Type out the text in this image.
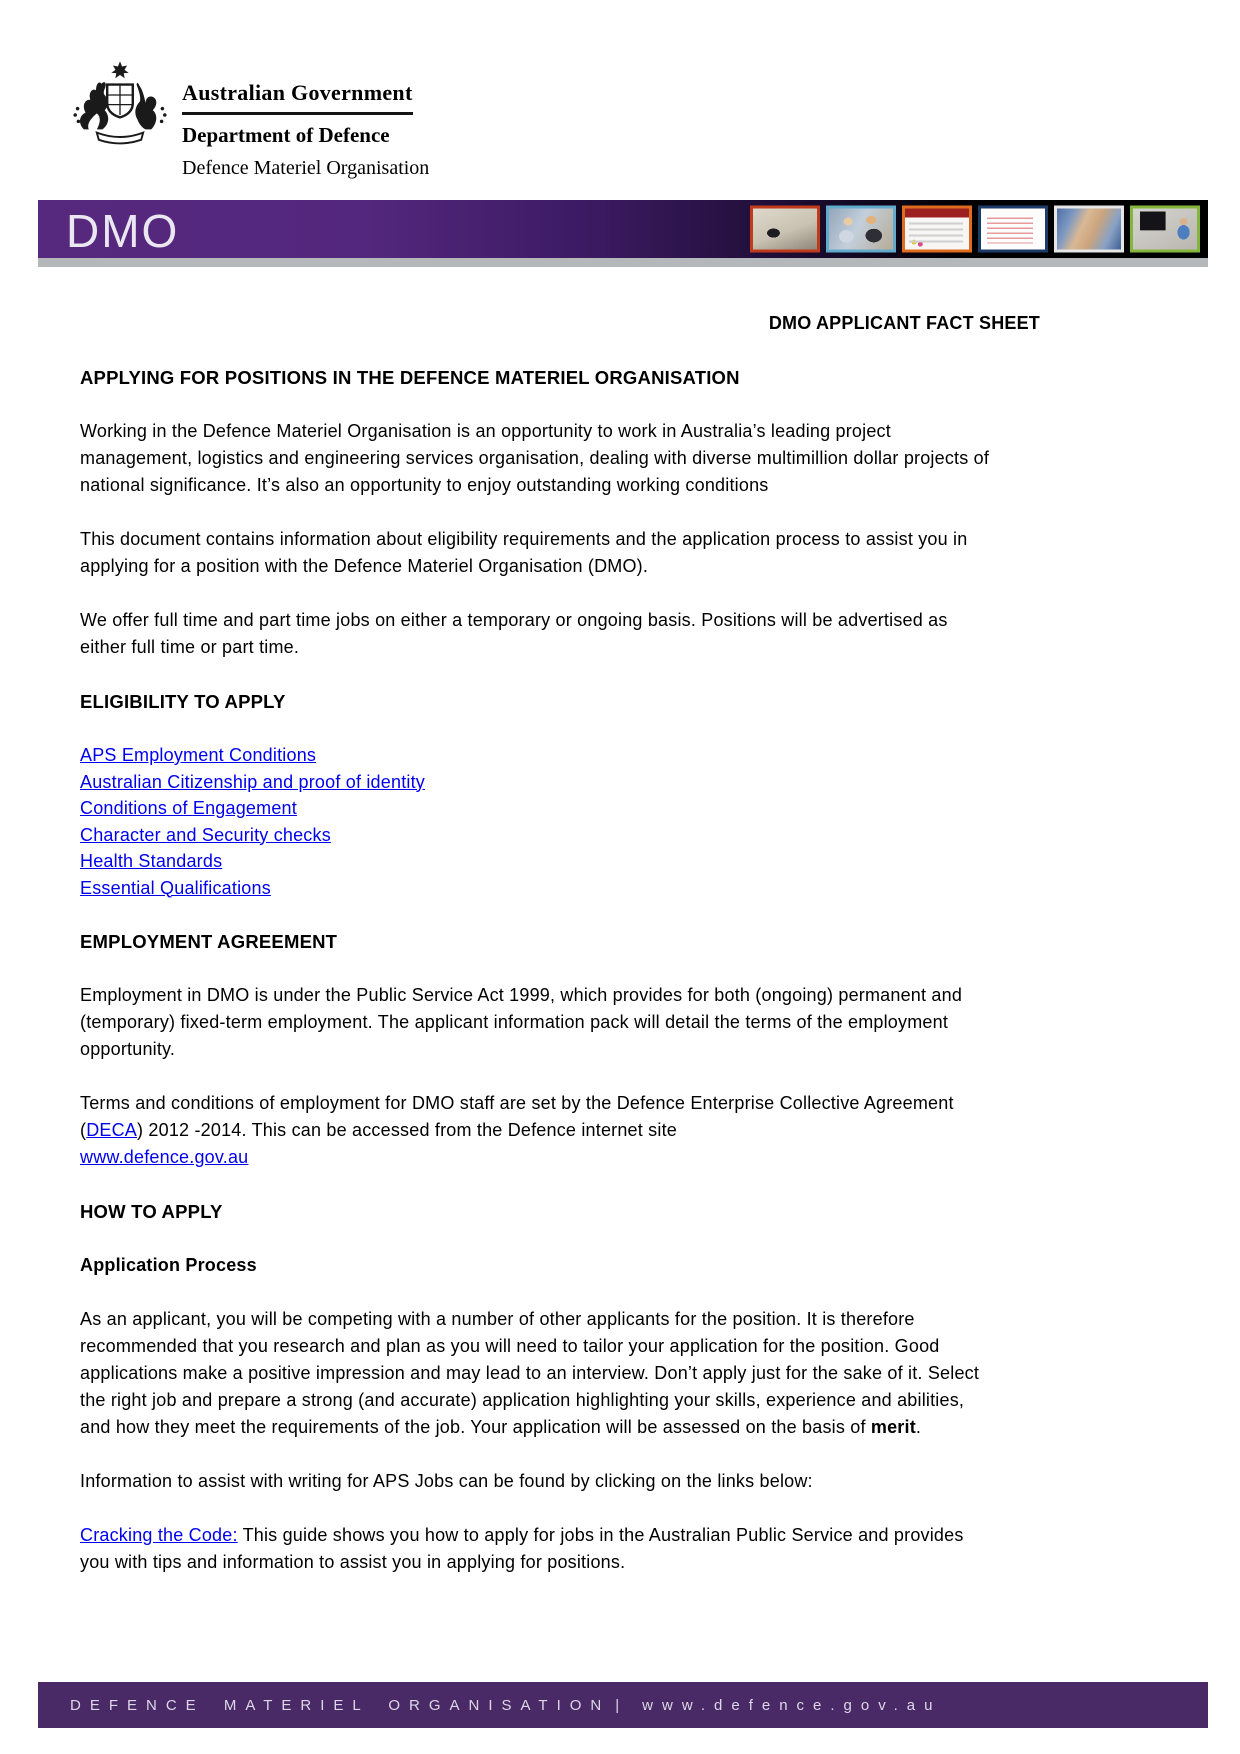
Australian Government
Department of Defence
Defence Materiel Organisation
DMO
DMO APPLICANT FACT SHEET
APPLYING FOR POSITIONS IN THE DEFENCE MATERIEL ORGANISATION
Working in the Defence Materiel Organisation is an opportunity to work in Australia’s leading project management, logistics and engineering services organisation, dealing with diverse multimillion dollar projects of national significance. It’s also an opportunity to enjoy outstanding working conditions
This document contains information about eligibility requirements and the application process to assist you in applying for a position with the Defence Materiel Organisation (DMO).
We offer full time and part time jobs on either a temporary or ongoing basis. Positions will be advertised as either full time or part time.
ELIGIBILITY TO APPLY
APS Employment Conditions
Australian Citizenship and proof of identity
Conditions of Engagement
Character and Security checks
Health Standards
Essential Qualifications
EMPLOYMENT AGREEMENT
Employment in DMO is under the Public Service Act 1999, which provides for both (ongoing) permanent and (temporary) fixed-term employment. The applicant information pack will detail the terms of the employment opportunity.
Terms and conditions of employment for DMO staff are set by the Defence Enterprise Collective Agreement (DECA) 2012 -2014. This can be accessed from the Defence internet site
www.defence.gov.au
HOW TO APPLY
Application Process
As an applicant, you will be competing with a number of other applicants for the position. It is therefore recommended that you research and plan as you will need to tailor your application for the position. Good applications make a positive impression and may lead to an interview. Don’t apply just for the sake of it. Select the right job and prepare a strong (and accurate) application highlighting your skills, experience and abilities, and how they meet the requirements of the job. Your application will be assessed on the basis of merit.
Information to assist with writing for APS Jobs can be found by clicking on the links below:
Cracking the Code: This guide shows you how to apply for jobs in the Australian Public Service and provides you with tips and information to assist you in applying for positions.
DEFENCE MATERIEL ORGANISATION | www.defence.gov.au
